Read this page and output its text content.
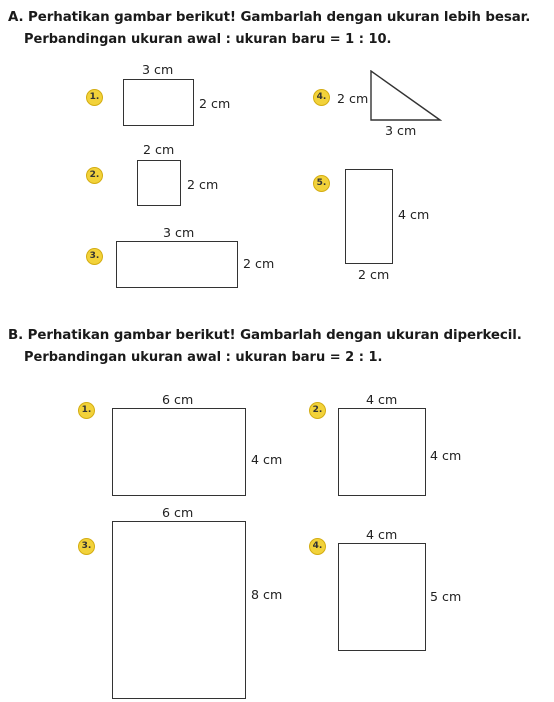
A. Perhatikan gambar berikut! Gambarlah dengan ukuran lebih besar.
Perbandingan ukuran awal : ukuran baru = 1 : 10.
1.
3 cm
2 cm
2.
2 cm
2 cm
3.
3 cm
2 cm
4. 2 cm
3 cm
5.
4 cm
2 cm
B. Perhatikan gambar berikut! Gambarlah dengan ukuran diperkecil.
Perbandingan ukuran awal : ukuran baru = 2 : 1.
1.
6 cm
4 cm
2.
4 cm
4 cm
3.
6 cm
8 cm
4.
4 cm
5 cm
